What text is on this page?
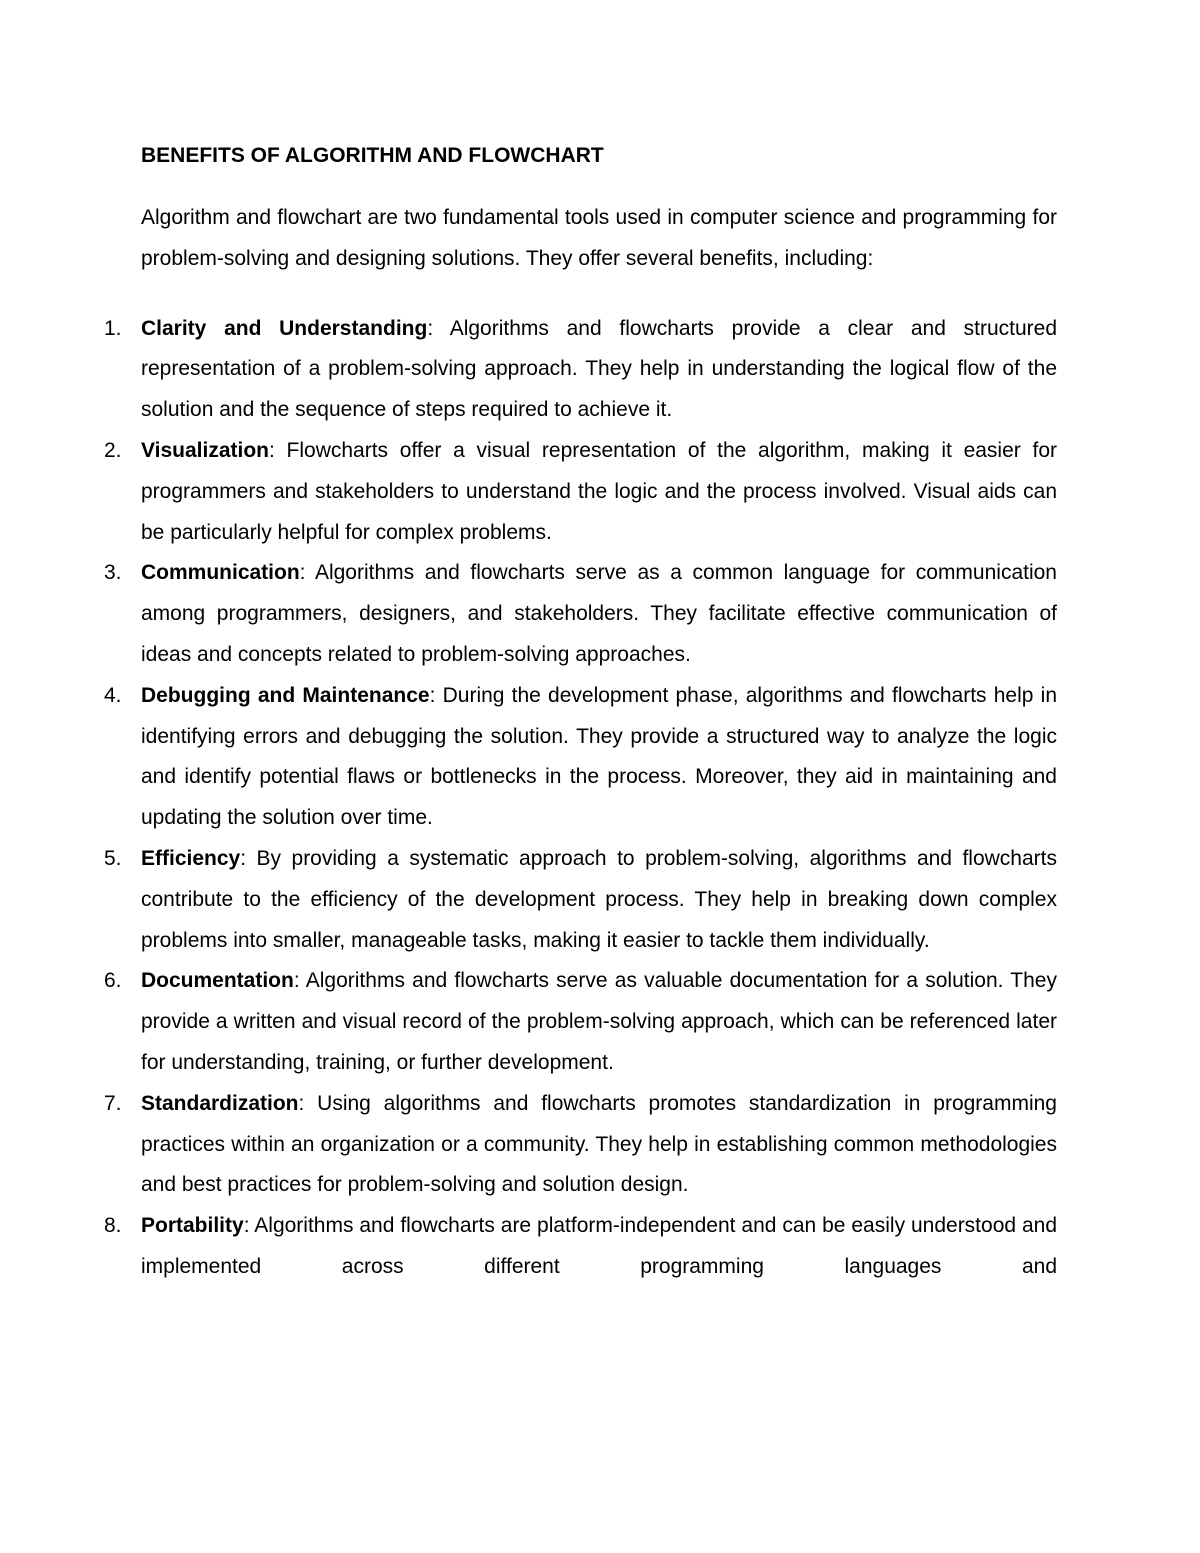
BENEFITS OF ALGORITHM AND FLOWCHART

Algorithm and flowchart are two fundamental tools used in computer science and programming for problem-solving and designing solutions. They offer several benefits, including:

1. Clarity and Understanding: Algorithms and flowcharts provide a clear and structured representation of a problem-solving approach. They help in understanding the logical flow of the solution and the sequence of steps required to achieve it.
2. Visualization: Flowcharts offer a visual representation of the algorithm, making it easier for programmers and stakeholders to understand the logic and the process involved. Visual aids can be particularly helpful for complex problems.
3. Communication: Algorithms and flowcharts serve as a common language for communication among programmers, designers, and stakeholders. They facilitate effective communication of ideas and concepts related to problem-solving approaches.
4. Debugging and Maintenance: During the development phase, algorithms and flowcharts help in identifying errors and debugging the solution. They provide a structured way to analyze the logic and identify potential flaws or bottlenecks in the process. Moreover, they aid in maintaining and updating the solution over time.
5. Efficiency: By providing a systematic approach to problem-solving, algorithms and flowcharts contribute to the efficiency of the development process. They help in breaking down complex problems into smaller, manageable tasks, making it easier to tackle them individually.
6. Documentation: Algorithms and flowcharts serve as valuable documentation for a solution. They provide a written and visual record of the problem-solving approach, which can be referenced later for understanding, training, or further development.
7. Standardization: Using algorithms and flowcharts promotes standardization in programming practices within an organization or a community. They help in establishing common methodologies and best practices for problem-solving and solution design.
8. Portability: Algorithms and flowcharts are platform-independent and can be easily understood and implemented across different programming languages and
